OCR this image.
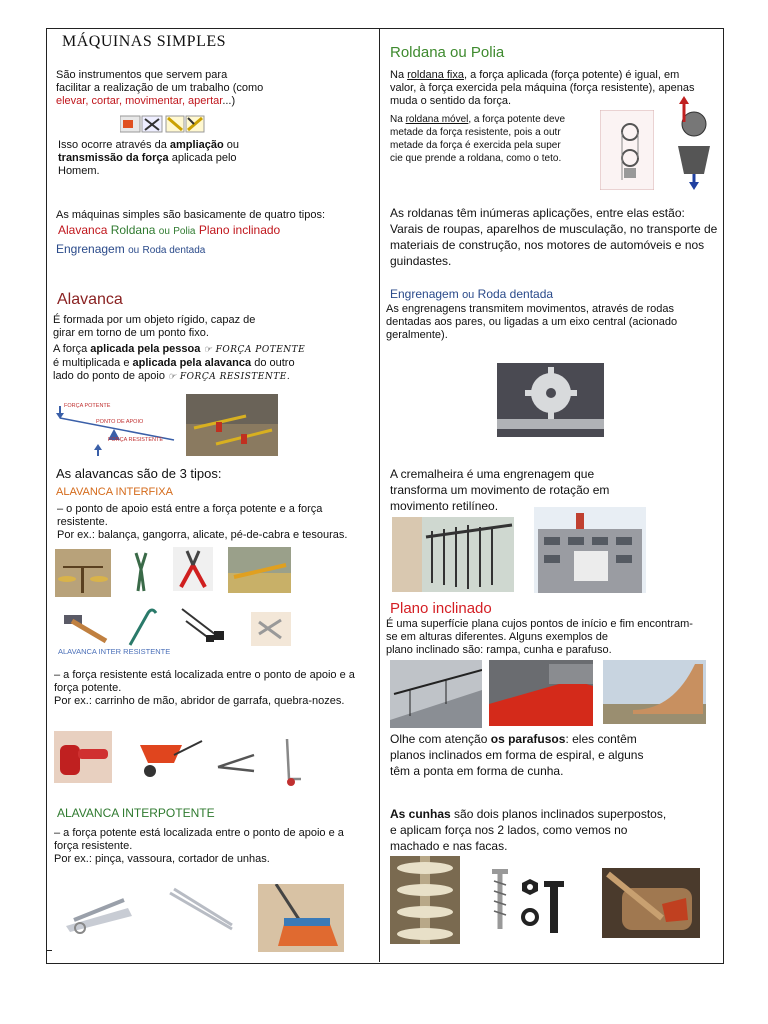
MÁQUINAS SIMPLES
São instrumentos que servem para
facilitar a realização de um trabalho (como
elevar, cortar, movimentar, apertar...)
Isso ocorre através da ampliação ou
transmissão da força aplicada pelo
Homem.
As máquinas simples são basicamente de quatro tipos:
Alavanca Roldana ou Polia Plano inclinado
Engrenagem ou Roda dentada
Alavanca
É formada por um objeto rígido, capaz de
girar em torno de um ponto fixo.
A força aplicada pela pessoa ☞ FORÇA POTENTE
é multiplicada e aplicada pela alavanca do outro
lado do ponto de apoio ☞ FORÇA RESISTENTE.
FORÇA POTENTE
PONTO DE APOIO
FORÇA RESISTENTE
As alavancas são de 3 tipos:
ALAVANCA INTERFIXA
– o ponto de apoio está entre a força potente e a força
resistente.
Por ex.: balança, gangorra, alicate, pé-de-cabra e tesouras.
ALAVANCA INTER RESISTENTE
– a força resistente está localizada entre o ponto de apoio e a
força potente.
Por ex.: carrinho de mão, abridor de garrafa, quebra-nozes.
ALAVANCA INTERPOTENTE
– a força potente está localizada entre o ponto de apoio e a
força resistente.
Por ex.: pinça, vassoura, cortador de unhas.
Roldana ou Polia
Na roldana fixa, a força aplicada (força potente) é igual, em
valor, à força exercida pela máquina (força resistente), apenas
muda o sentido da força.
Na roldana móvel, a força potente deve
metade da força resistente, pois a outr
metade da força é exercida pela super
cie que prende a roldana, como o teto.
As roldanas têm inúmeras aplicações, entre elas estão:
Varais de roupas, aparelhos de musculação, no transporte de
materiais de construção, nos motores de automóveis e nos
guindastes.
Engrenagem ou Roda dentada
As engrenagens transmitem movimentos, através de rodas
dentadas aos pares, ou ligadas a um eixo central (acionado
geralmente).
A cremalheira é uma engrenagem que
transforma um movimento de rotação em
movimento retilíneo.
Plano inclinado
É uma superfície plana cujos pontos de início e fim encontram-
se em alturas diferentes. Alguns exemplos de
plano inclinado são: rampa, cunha e parafuso.
Olhe com atenção os parafusos: eles contêm
planos inclinados em forma de espiral, e alguns
têm a ponta em forma de cunha.
As cunhas são dois planos inclinados superpostos,
e aplicam força nos 2 lados, como vemos no
machado e nas facas.
